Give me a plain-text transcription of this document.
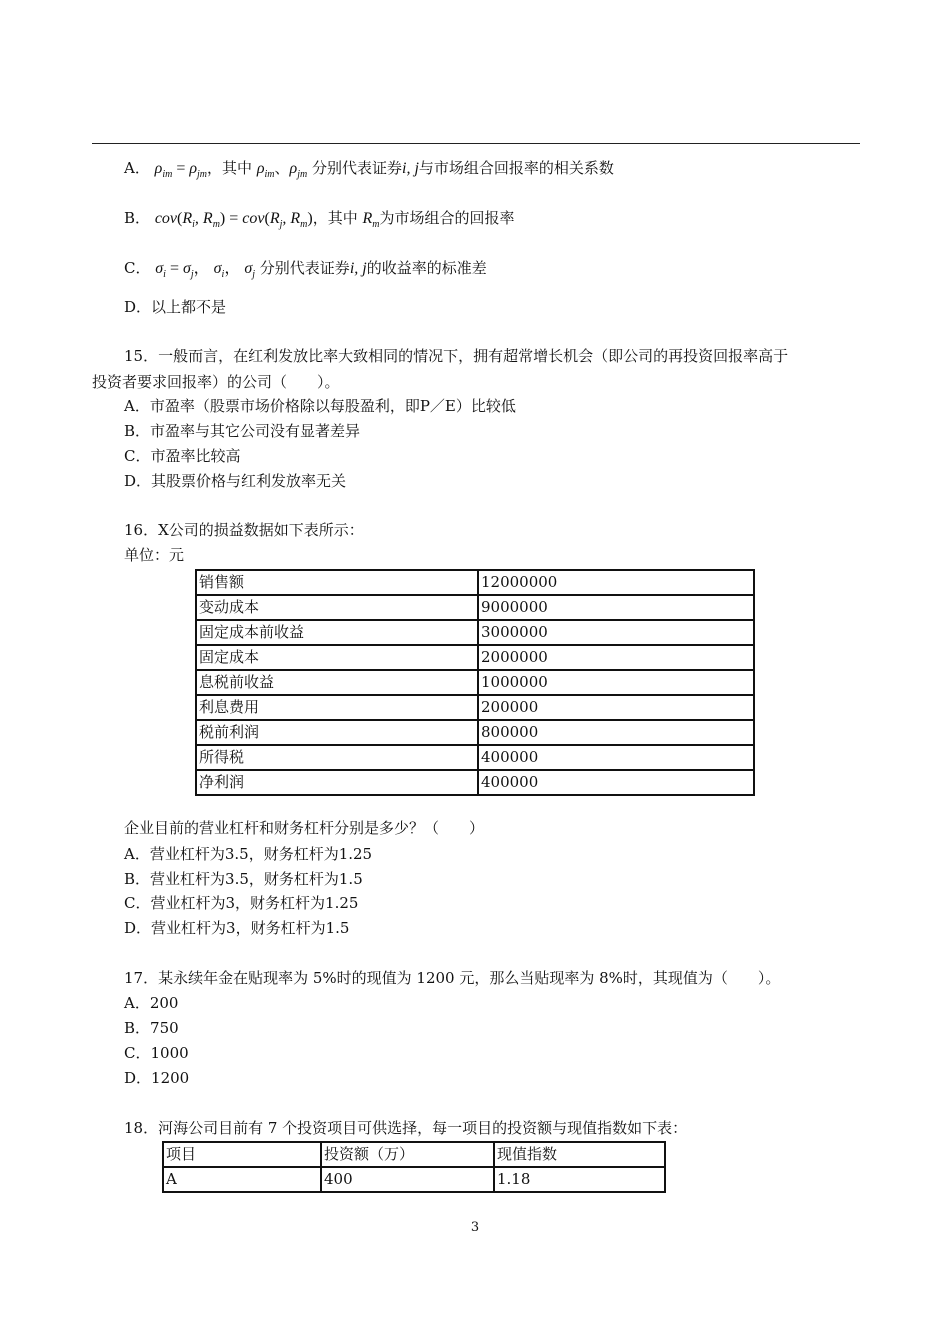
A． $\rho_{im} = \rho_{jm}$，其中 $\rho_{im}$、$\rho_{jm}$ 分别代表证券i, j与市场组合回报率的相关系数
B． $cov(R_i$, $R_m) = cov(R_j$, $R_m$)，其中 $R_m$为市场组合的回报率
C． $\sigma_i = \sigma_j$， $\sigma_i$， $\sigma_j$ 分别代表证券i, j的收益率的标准差
D．以上都不是
15．一般而言，在红利发放比率大致相同的情况下，拥有超常增长机会（即公司的再投资回报率高于
投资者要求回报率）的公司（　　）。
A．市盈率（股票市场价格除以每股盈利，即P／E）比较低
B．市盈率与其它公司没有显著差异
C．市盈率比较高
D．其股票价格与红利发放率无关
16．X公司的损益数据如下表所示：
单位：元
销售额	12000000
变动成本	9000000
固定成本前收益	3000000
固定成本	2000000
息税前收益	1000000
利息费用	200000
税前利润	800000
所得税	400000
净利润	400000
企业目前的营业杠杆和财务杠杆分别是多少？（　　）
A．营业杠杆为3.5，财务杠杆为1.25
B．营业杠杆为3.5，财务杠杆为1.5
C．营业杠杆为3，财务杠杆为1.25
D．营业杠杆为3，财务杠杆为1.5
17．某永续年金在贴现率为 5%时的现值为 1200 元，那么当贴现率为 8%时，其现值为（　　）。
A．200
B．750
C．1000
D．1200
18．河海公司目前有 7 个投资项目可供选择，每一项目的投资额与现值指数如下表：
项目	投资额（万）	现值指数
A	400	1.18
3
